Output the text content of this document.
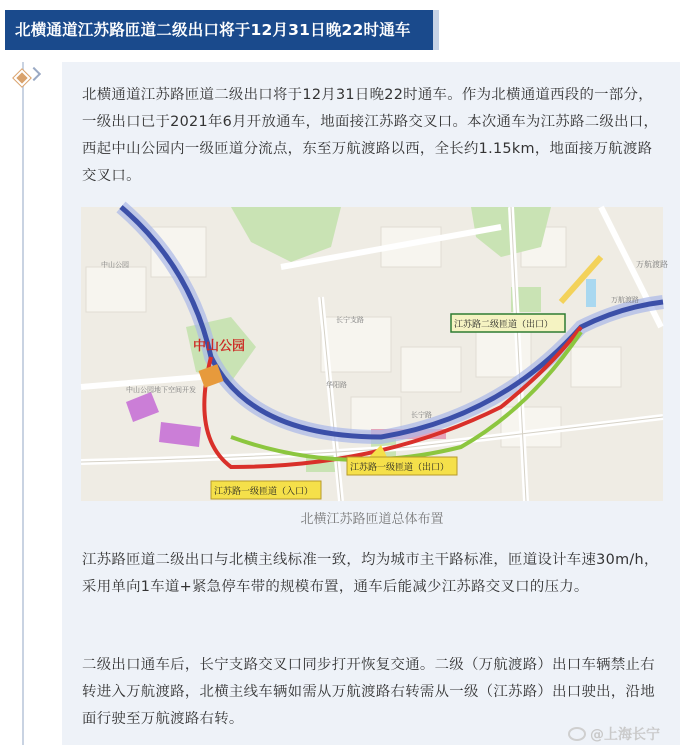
北横通道江苏路匝道二级出口将于12月31日晚22时通车

北横通道江苏路匝道二级出口将于12月31日晚22时通车。作为北横通道西段的一部分，一级出口已于2021年6月开放通车，地面接江苏路交叉口。本次通车为江苏路二级出口，西起中山公园内一级匝道分流点，东至万航渡路以西，全长约1.15km，地面接万航渡路交叉口。

中山公园
长宁支路
华阳路
长宁路
中山公园地下空间开发
万航渡路
万航渡路
中山公园
江苏路二级匝道（出口）
江苏路一级匝道（入口）
江苏路一级匝道（出口）
北横江苏路匝道总体布置

江苏路匝道二级出口与北横主线标准一致，均为城市主干路标准，匝道设计车速30m/h，采用单向1车道+紧急停车带的规模布置，通车后能减少江苏路交叉口的压力。

二级出口通车后，长宁支路交叉口同步打开恢复交通。二级（万航渡路）出口车辆禁止右转进入万航渡路，北横主线车辆如需从万航渡路右转需从一级（江苏路）出口驶出，沿地面行驶至万航渡路右转。

@上海长宁
